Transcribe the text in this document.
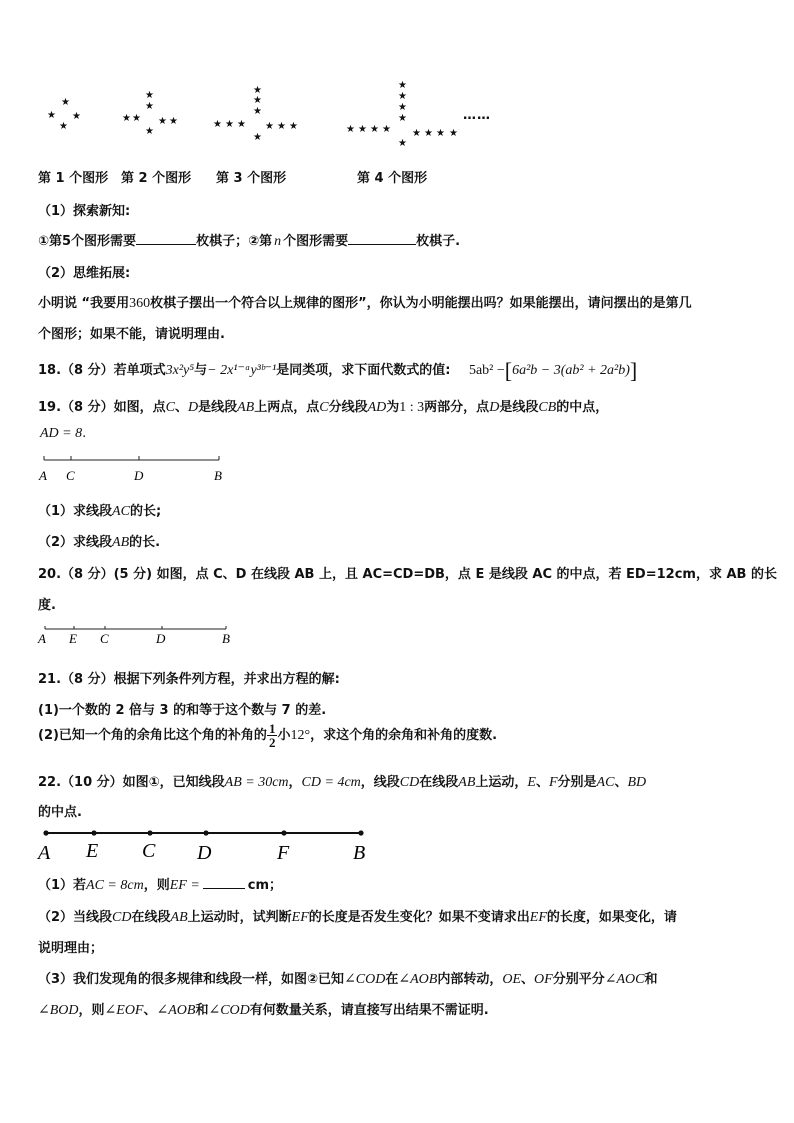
★
★ ★
★
★
★
★ ★ ★ ★
★
★
★
★
★ ★ ★ ★ ★ ★
★
★
★
★
★
★ ★ ★ ★ ★ ★ ★ ★
★
……
第 1 个图形 第 2 个图形 第 3 个图形	第 4 个图形
（1）探索新知:
①第5个图形需要	枚棋子；②第 n 个图形需要	枚棋子.
（2）思维拓展:
小明说 “我要用360枚棋子摆出一个符合以上规律的图形”，你认为小明能摆出吗？如果能摆出，请问摆出的是第几
个图形；如果不能，请说明理由.
18.（8 分）若单项式3x²y⁵与− 2x¹⁻ᵃy³ᵇ⁻¹是同类项，求下面代数式的值: 5ab² −[6a²b − 3(ab² + 2a²b)]
19.（8 分）如图，点C、D是线段AB上两点，点C分线段AD为1 : 3两部分，点D是线段CB的中点，
AD = 8.
A C	D	B
（1）求线段AC的长;
（2）求线段AB的长.
20.（8 分）(5 分) 如图，点 C、D 在线段 AB 上，且 AC=CD=DB，点 E 是线段 AC 的中点，若 ED=12cm，求 AB 的长
度.
A E C	D	B
21.（8 分）根据下列条件列方程，并求出方程的解:
(1)一个数的 2 倍与 3 的和等于这个数与 7 的差.
(2)已知一个角的余角比这个角的补角的 $\frac{1}{2}$ 小12°，求这个角的余角和补角的度数.
22.（10 分）如图①，已知线段AB = 30cm，CD = 4cm，线段CD在线段AB上运动，E、F分别是AC、BD
的中点.
A E C D	F	B
（1）若AC = 8cm，则EF =	cm；
（2）当线段CD在线段AB上运动时，试判断EF的长度是否发生变化？如果不变请求出EF的长度，如果变化，请
说明理由；
（3）我们发现角的很多规律和线段一样，如图②已知∠COD在∠AOB内部转动，OE、OF分别平分∠AOC和
∠BOD，则∠EOF、∠AOB和∠COD有何数量关系，请直接写出结果不需证明.
